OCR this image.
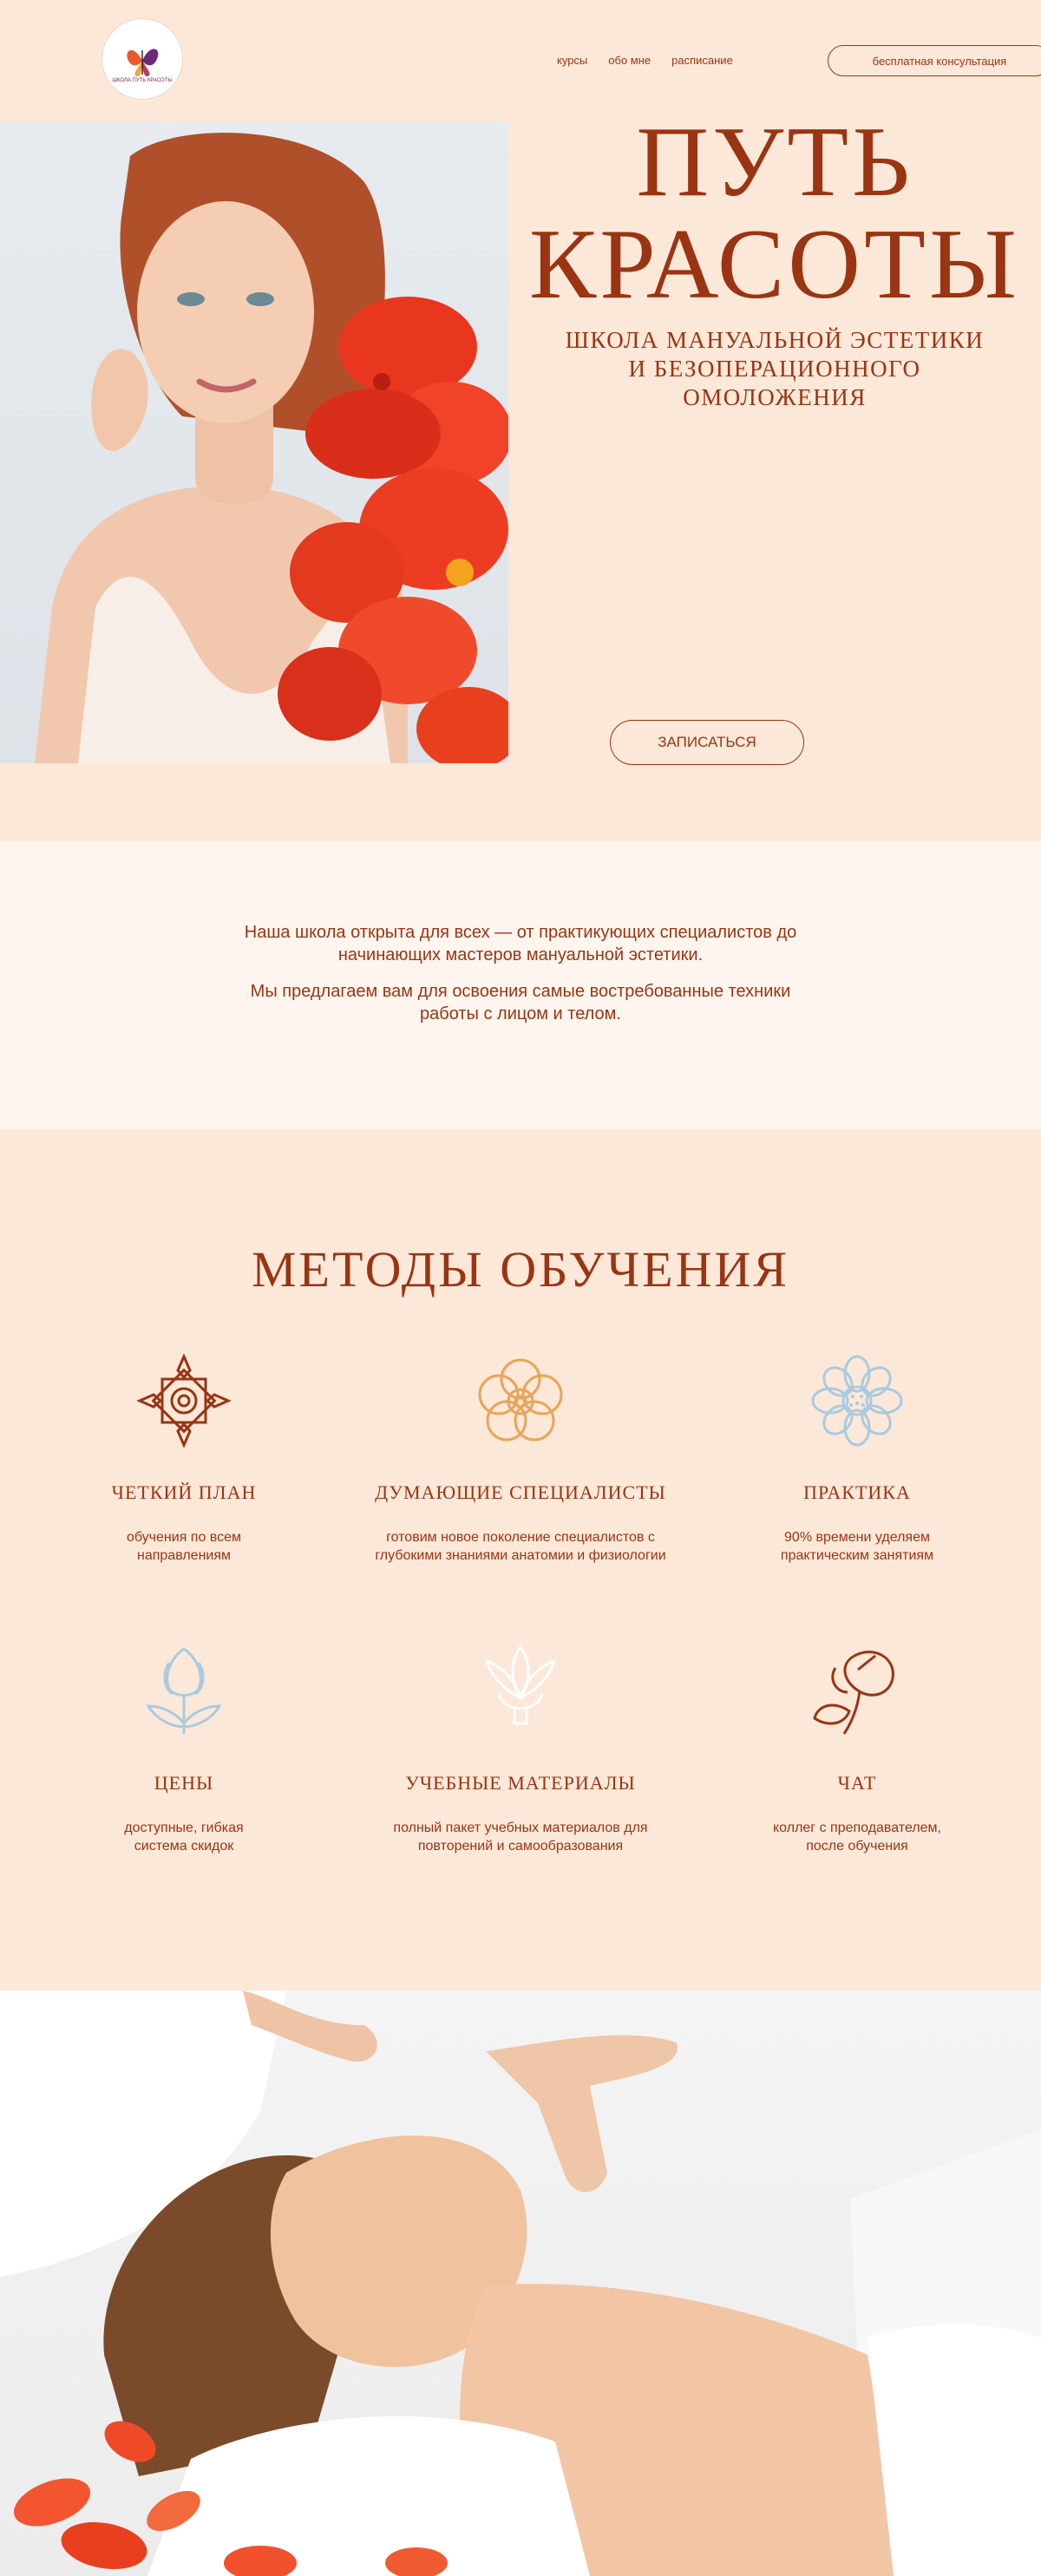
ШКОЛА ПУТЬ КРАСОТЫ
курсы обо мне расписание	бесплатная консультация
ПУТЬ
КРАСОТЫ
ШКОЛА МАНУАЛЬНОЙ ЭСТЕТИКИ
И БЕЗОПЕРАЦИОННОГО
ОМОЛОЖЕНИЯ
ЗАПИСАТЬСЯ

Наша школа открыта для всех — от практикующих специалистов до начинающих мастеров мануальной эстетики.

Мы предлагаем вам для освоения самые востребованные техники работы с лицом и телом.

МЕТОДЫ ОБУЧЕНИЯ
ЧЕТКИЙ ПЛАН
обучения по всем направлениям
ДУМАЮЩИЕ СПЕЦИАЛИСТЫ
готовим новое поколение специалистов с глубокими знаниями анатомии и физиологии
ПРАКТИКА
90% времени уделяем практическим занятиям
ЦЕНЫ
доступные, гибкая система скидок
УЧЕБНЫЕ МАТЕРИАЛЫ
полный пакет учебных материалов для повторений и самообразования
ЧАТ
коллег с преподавателем, после обучения
